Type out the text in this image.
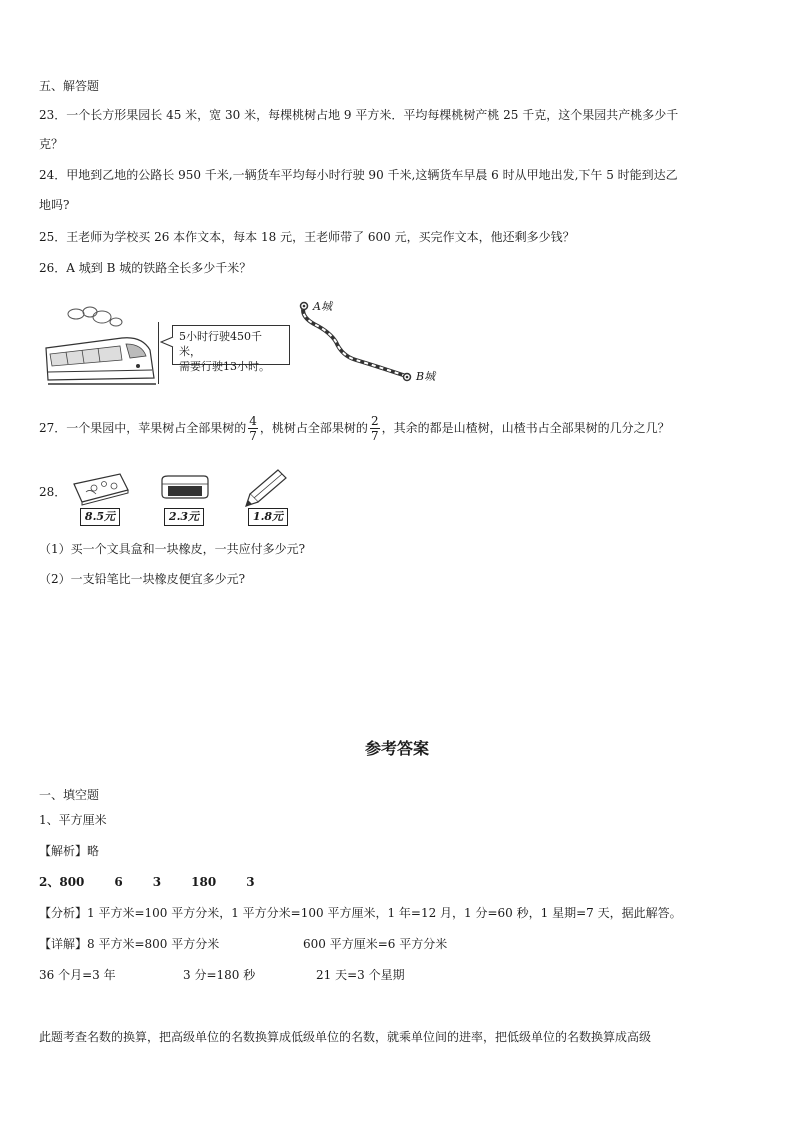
五、解答题
23．一个长方形果园长 45 米，宽 30 米，每棵桃树占地 9 平方米．平均每棵桃树产桃 25 千克，这个果园共产桃多少千
克？
24．甲地到乙地的公路长 950 千米,一辆货车平均每小时行驶 90 千米,这辆货车早晨 6 时从甲地出发,下午 5 时能到达乙
地吗?
25．王老师为学校买 26 本作文本，每本 18 元，王老师带了 600 元，买完作文本，他还剩多少钱？
26．A 城到 B 城的铁路全长多少千米？
5小时行驶450千米，
需要行驶13小时。
A城
B城
27．一个果园中，苹果树占全部果树的 $\frac{4}{7}$ ，桃树占全部果树的 $\frac{2}{7}$ ，其余的都是山楂树，山楂书占全部果树的几分之几？
28．
8.5元	2.3元	1.8元
（1）买一个文具盒和一块橡皮，一共应付多少元?
（2）一支铅笔比一块橡皮便宜多少元?
参考答案
一、填空题
1、平方厘米
【解析】略
2、800	6	3	180	3
【分析】1 平方米=100 平方分米，1 平方分米=100 平方厘米，1 年=12 月，1 分=60 秒，1 星期=7 天，据此解答。
【详解】8 平方米=800 平方分米	600 平方厘米=6 平方分米
36 个月=3 年	3 分=180 秒	21 天=3 个星期
此题考查名数的换算，把高级单位的名数换算成低级单位的名数，就乘单位间的进率，把低级单位的名数换算成高级
